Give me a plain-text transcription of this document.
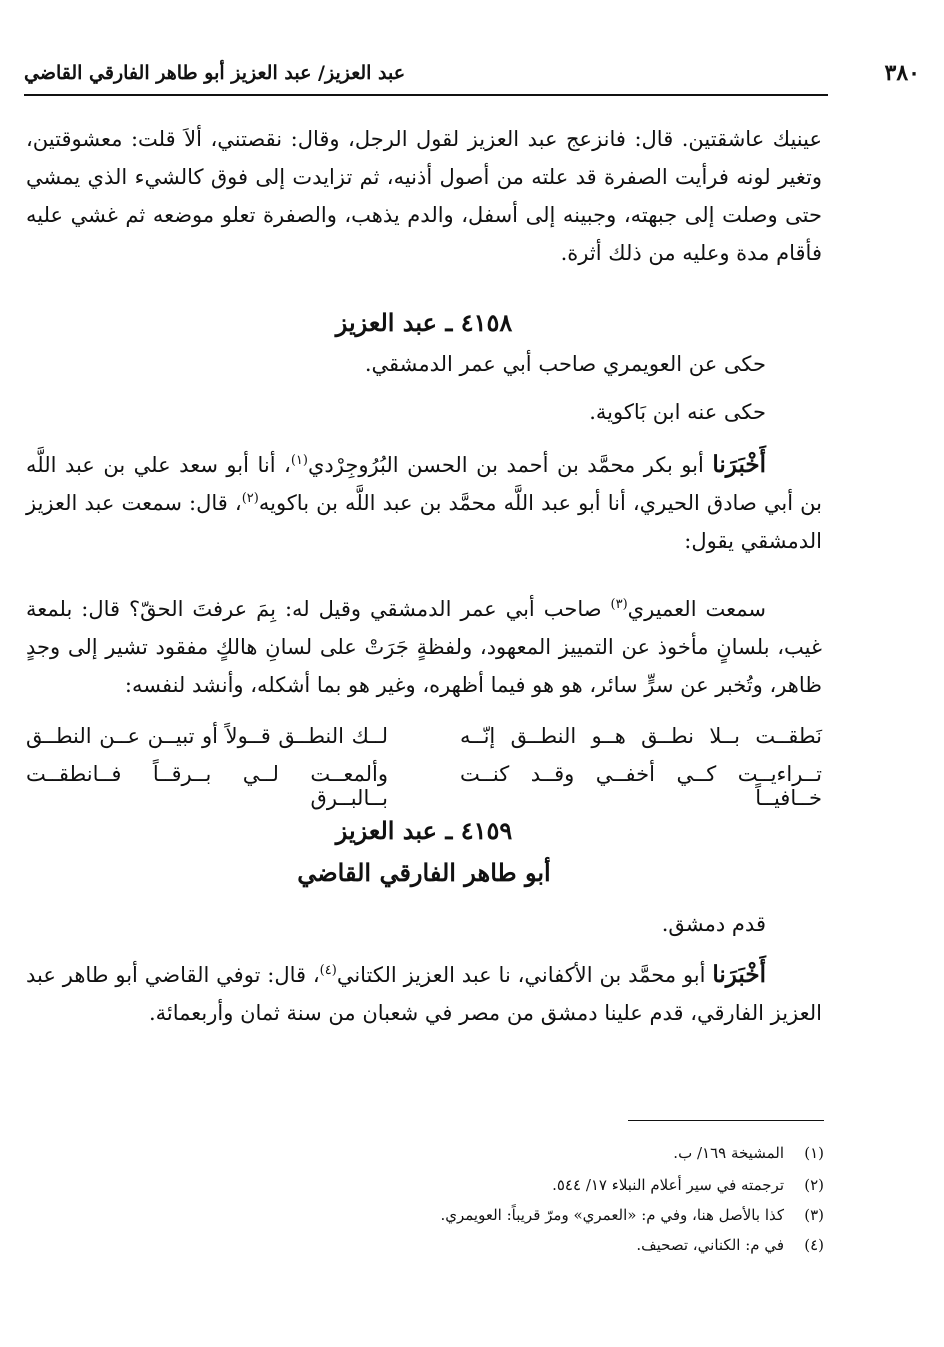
عبد العزيز/ عبد العزيز أبو طاهر الفارقي القاضي	٣٨٠
عينيك عاشقتين. قال: فانزعج عبد العزيز لقول الرجل، وقال: نقصتني، ألاَ قلت: معشوقتين، وتغير لونه فرأيت الصفرة قد علته من أصول أذنيه، ثم تزايدت إلى فوق كالشيء الذي يمشي حتى وصلت إلى جبهته، وجبينه إلى أسفل، والدم يذهب، والصفرة تعلو موضعه ثم غشي عليه فأقام مدة وعليه من ذلك أثرة.
٤١٥٨ ـ عبد العزيز
حكى عن العويمري صاحب أبي عمر الدمشقي.
حكى عنه ابن بَاكوية.
أَخْبَرَنا أبو بكر محمَّد بن أحمد بن الحسن البُرُوجِرْدي$^{(١)}$، أنا أبو سعد علي بن عبد اللَّه بن أبي صادق الحيري، أنا أبو عبد اللَّه محمَّد بن عبد اللَّه بن باكويه$^{(٢)}$، قال: سمعت عبد العزيز الدمشقي يقول:
سمعت العميري$^{(٣)}$ صاحب أبي عمر الدمشقي وقيل له: بِمَ عرفتَ الحقّ؟ قال: بلمعة غيب، بلسانٍ مأخوذ عن التمييز المعهود، ولفظةٍ جَرَتْ على لسانِ هالكٍ مفقود تشير إلى وجدٍ ظاهر، وتُخبر عن سرٍّ سائر، هو هو فيما أظهره، وغير هو بما أشكله، وأنشد لنفسه:
نَطقــت بــلا نطــق هــو النطــق إنّــه
لــك النطــق قــولاً أو تبيــن عــن النطــق
تــراءيــت كــي أخفــي وقــد كنــت خــافيــاً
وألمعــت لــي بــرقــاً فــانطقــت بــالبــرق
٤١٥٩ ـ عبد العزيز
أبو طاهر الفارقي القاضي
قدم دمشق.
أَخْبَرَنا أبو محمَّد بن الأكفاني، نا عبد العزيز الكتاني$^{(٤)}$، قال: توفي القاضي أبو طاهر عبد العزيز الفارقي، قدم علينا دمشق من مصر في شعبان من سنة ثمان وأربعمائة.
(١)المشيخة ١٦٩/ ب.
(٢)ترجمته في سير أعلام النبلاء ١٧/ ٥٤٤.
(٣)كذا بالأصل هنا، وفي م: «العمري» ومرّ قريباً: العويمري.
(٤)في م: الكناني، تصحيف.
